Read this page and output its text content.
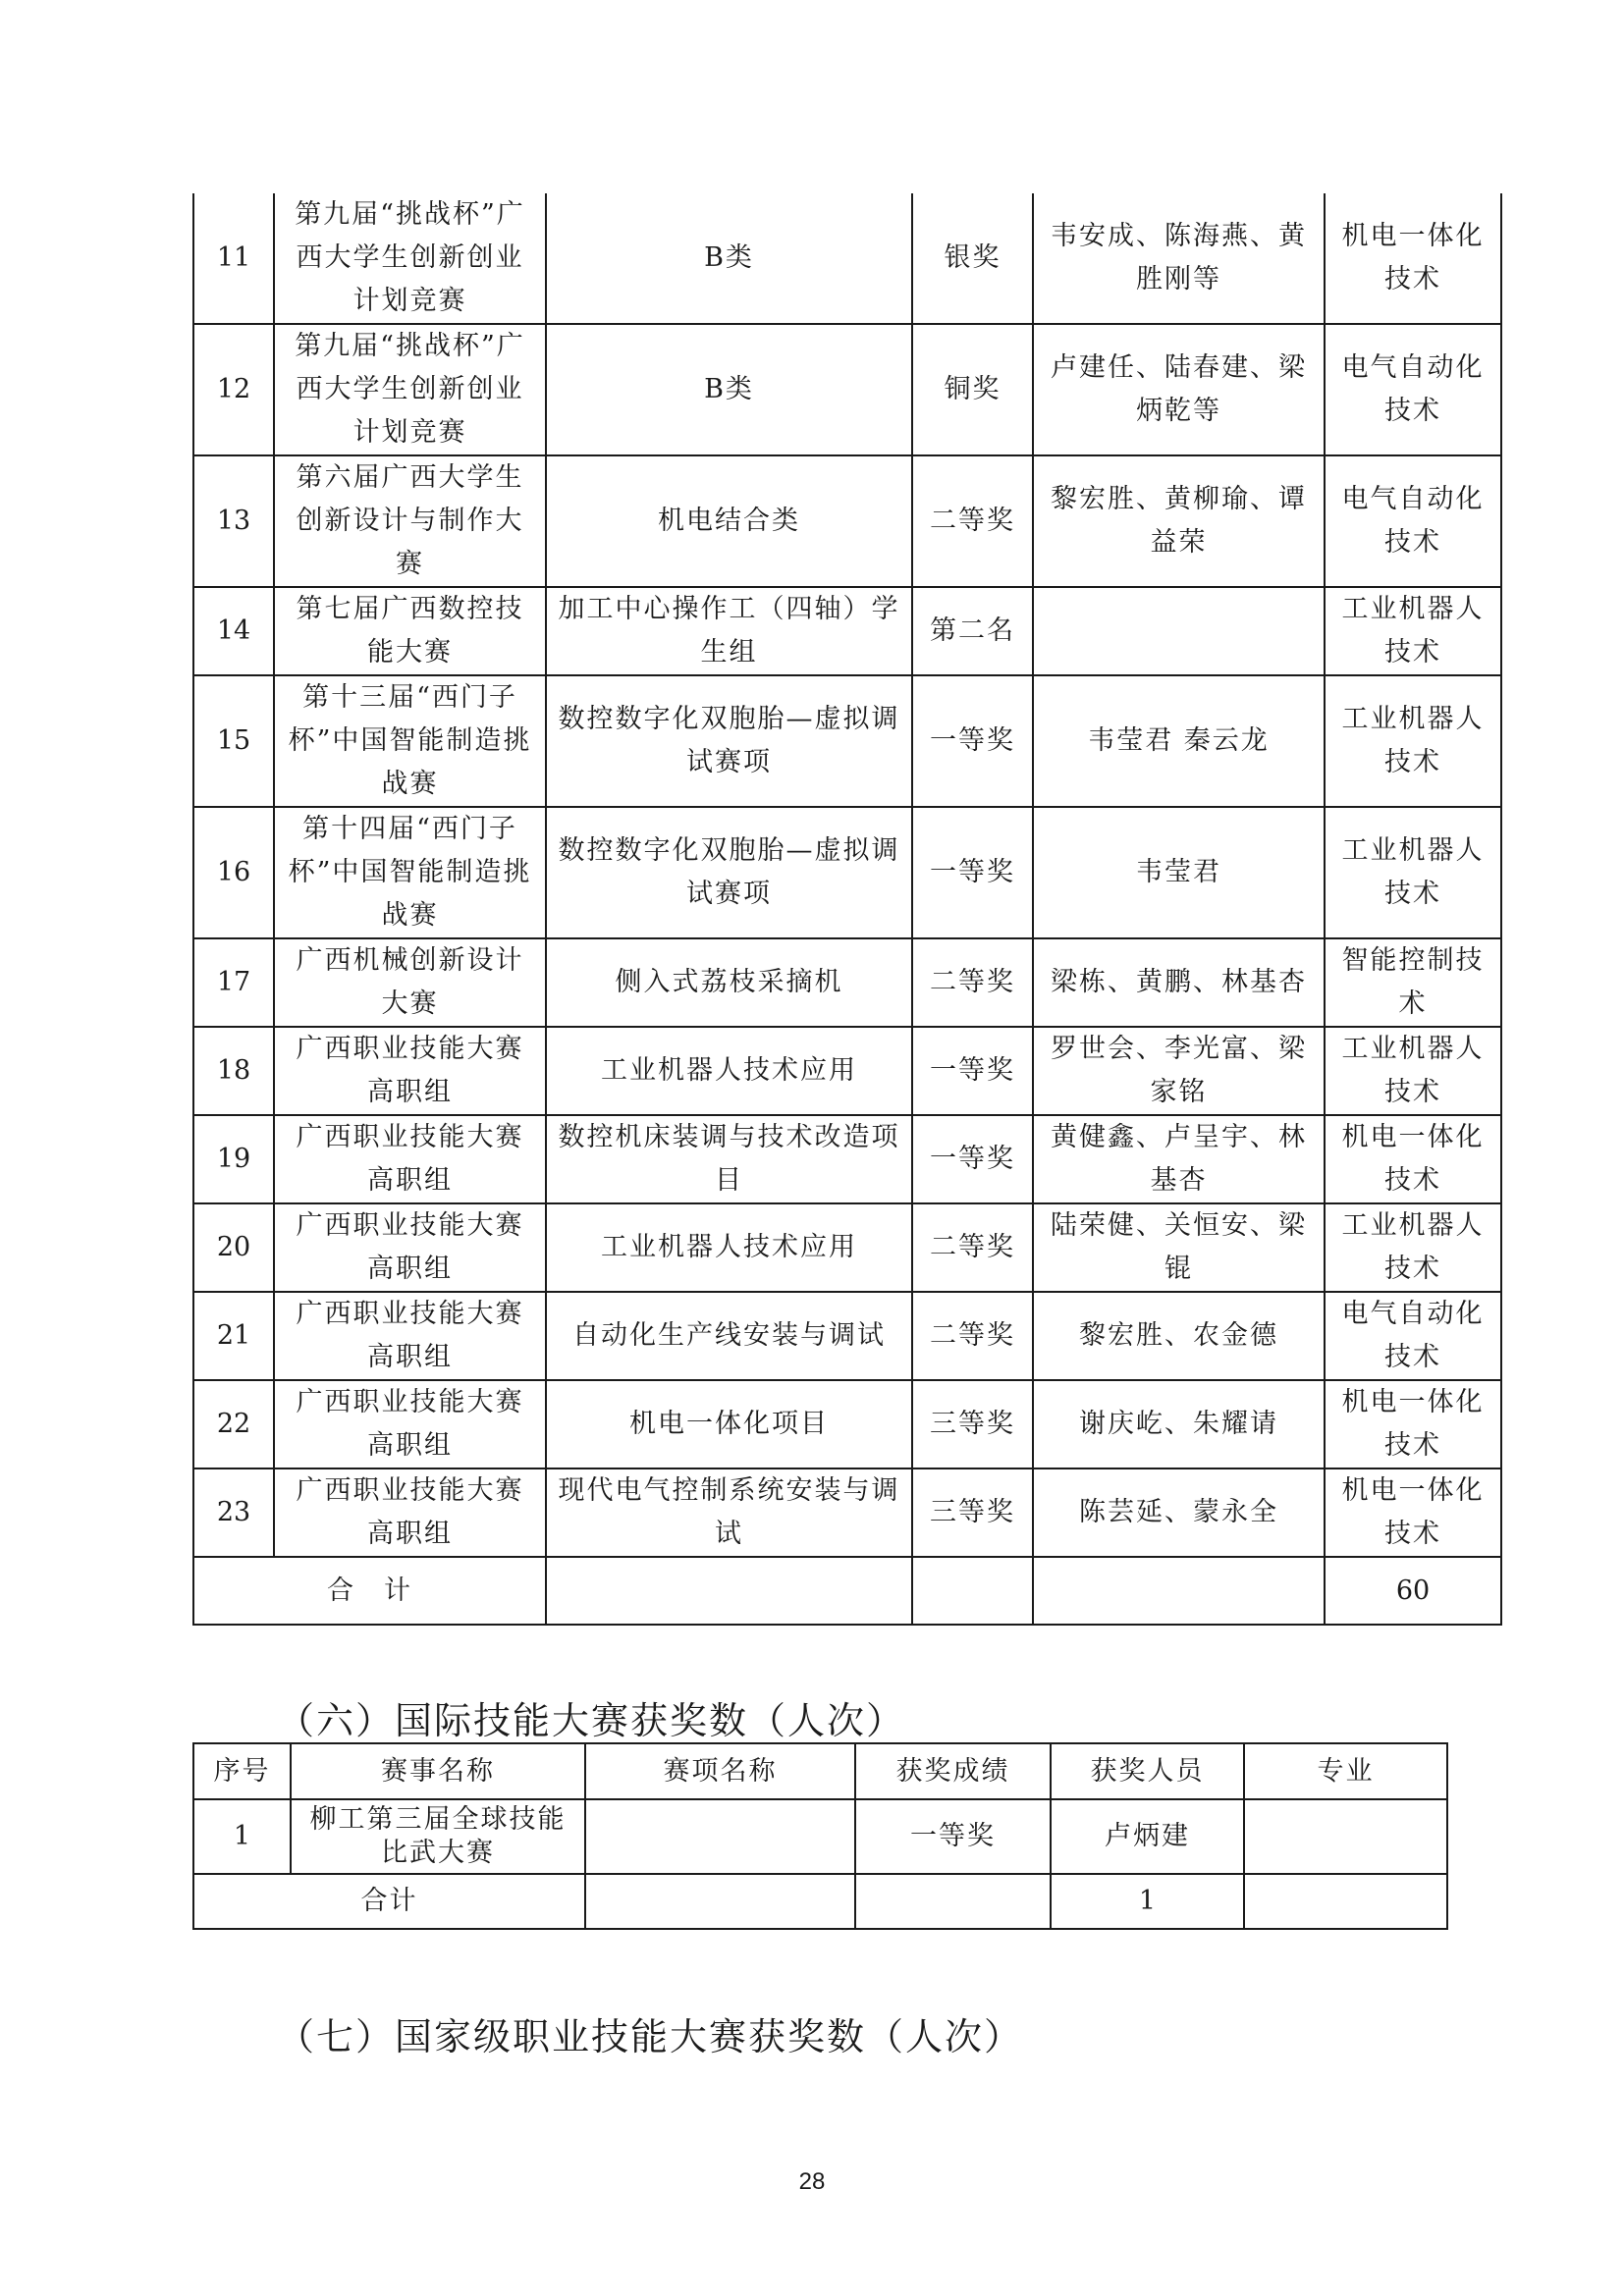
11	第九届“挑战杯”广西大学生创新创业计划竞赛	B类	银奖	韦安成、陈海燕、黄胜刚等	机电一体化技术
12	第九届“挑战杯”广西大学生创新创业计划竞赛	B类	铜奖	卢建任、陆春建、梁炳乾等	电气自动化技术
13	第六届广西大学生创新设计与制作大赛	机电结合类	二等奖	黎宏胜、黄柳瑜、谭益荣	电气自动化技术
14	第七届广西数控技能大赛	加工中心操作工（四轴）学生组	第二名		工业机器人技术
15	第十三届“西门子杯”中国智能制造挑战赛	数控数字化双胞胎—虚拟调试赛项	一等奖	韦莹君 秦云龙	工业机器人技术
16	第十四届“西门子杯”中国智能制造挑战赛	数控数字化双胞胎—虚拟调试赛项	一等奖	韦莹君	工业机器人技术
17	广西机械创新设计大赛	侧入式荔枝采摘机	二等奖	梁栋、黄鹏、林基杏	智能控制技术
18	广西职业技能大赛高职组	工业机器人技术应用	一等奖	罗世会、李光富、梁家铭	工业机器人技术
19	广西职业技能大赛高职组	数控机床装调与技术改造项目	一等奖	黄健鑫、卢呈宇、林基杏	机电一体化技术
20	广西职业技能大赛高职组	工业机器人技术应用	二等奖	陆荣健、关恒安、梁锟	工业机器人技术
21	广西职业技能大赛高职组	自动化生产线安装与调试	二等奖	黎宏胜、农金德	电气自动化技术
22	广西职业技能大赛高职组	机电一体化项目	三等奖	谢庆屹、朱耀请	机电一体化技术
23	广西职业技能大赛高职组	现代电气控制系统安装与调试	三等奖	陈芸延、蒙永全	机电一体化技术
合　计					60
（六）国际技能大赛获奖数（人次）
序号	赛事名称	赛项名称	获奖成绩	获奖人员	专业
1	柳工第三届全球技能比武大赛		一等奖	卢炳建	
合计				1	
（七）国家级职业技能大赛获奖数（人次）
28
